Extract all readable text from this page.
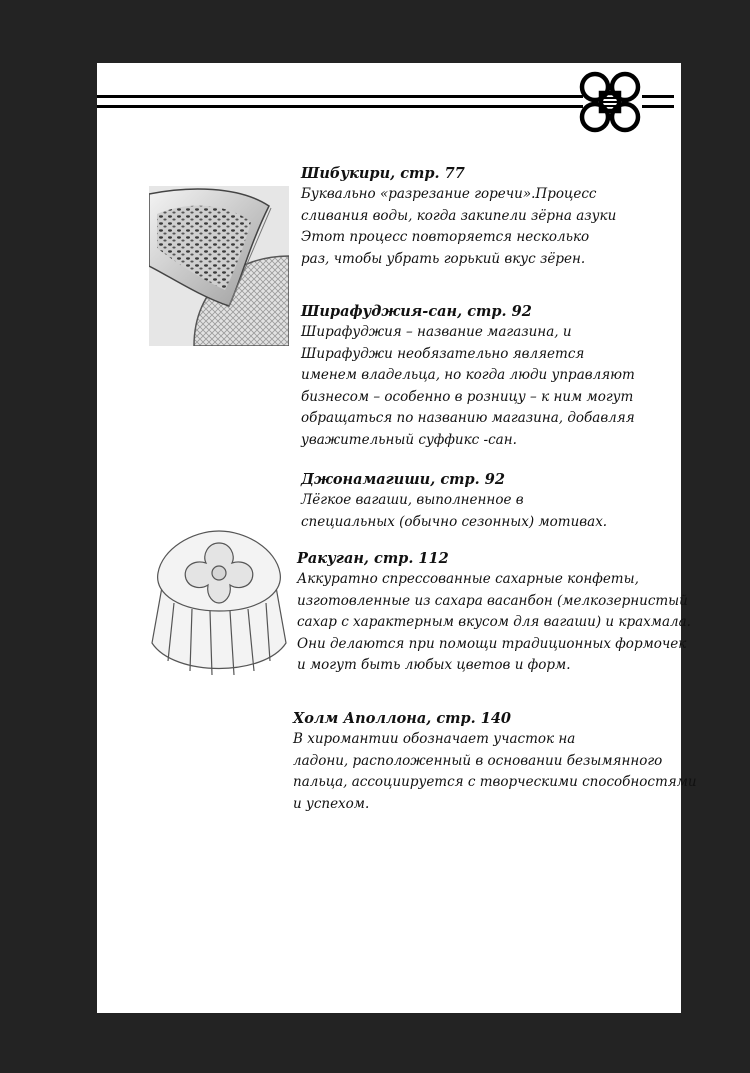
Шибукири, стр. 77
Буквально «разрезание горечи».Процесс
сливания воды, когда закипели зёрна азуки
Этот процесс повторяется несколько
раз, чтобы убрать горький вкус зёрен.
Шира‌фуджия-сан, стр. 92
Ширафуджия – название магазина, и
Ширафуджи необязательно является
именем владельца, но когда люди управляют
бизнесом – особенно в розницу – к ним могут
обращаться по названию магазина, добавляя
уважительный суффикс -сан.
Джонамагиши, стр. 92
Лёгкое вагаши, выполненное в
специальных (обычно сезонных) мотивах.
Ракуган, стр. 112
Аккуратно спрессованные сахарные конфеты,
изготовленные из сахара васанбон (мелкозернистый
сахар с характерным вкусом для вагаши) и крахмала.
Они делаются при помощи традиционных формочек
и могут быть любых цветов и форм.
Холм Аполлона, стр. 140
В хиромантии обозначает участок на
ладони, расположенный в основании безымянного
пальца, ассоциируется с творческими способностями
и успехом.
